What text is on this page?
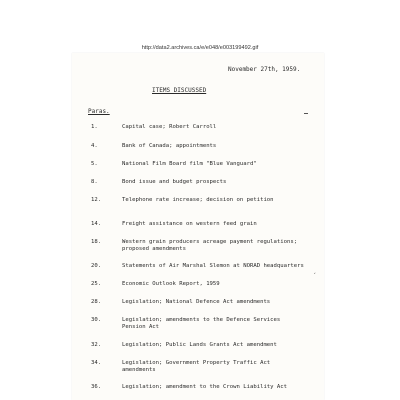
http://data2.archives.ca/e/e048/e003199492.gif
November 27th, 1959.
ITEMS DISCUSSED
Paras.
1.	Capital case; Robert Carroll
4.	Bank of Canada; appointments
5.	National Film Board film "Blue Vanguard"
8.	Bond issue and budget prospects
12.	Telephone rate increase; decision on petition
14.	Freight assistance on western feed grain
18.	Western grain producers acreage payment regulations;
proposed amendments
20.	Statements of Air Marshal Slemon at NORAD headquarters
ˏ
25.	Economic Outlook Report, 1959
28.	Legislation; National Defence Act amendments
30.	Legislation; amendments to the Defence Services
Pension Act
32.	Legislation; Public Lands Grants Act amendment
34.	Legislation; Government Property Traffic Act
amendments
36.	Legislation; amendment to the Crown Liability Act
